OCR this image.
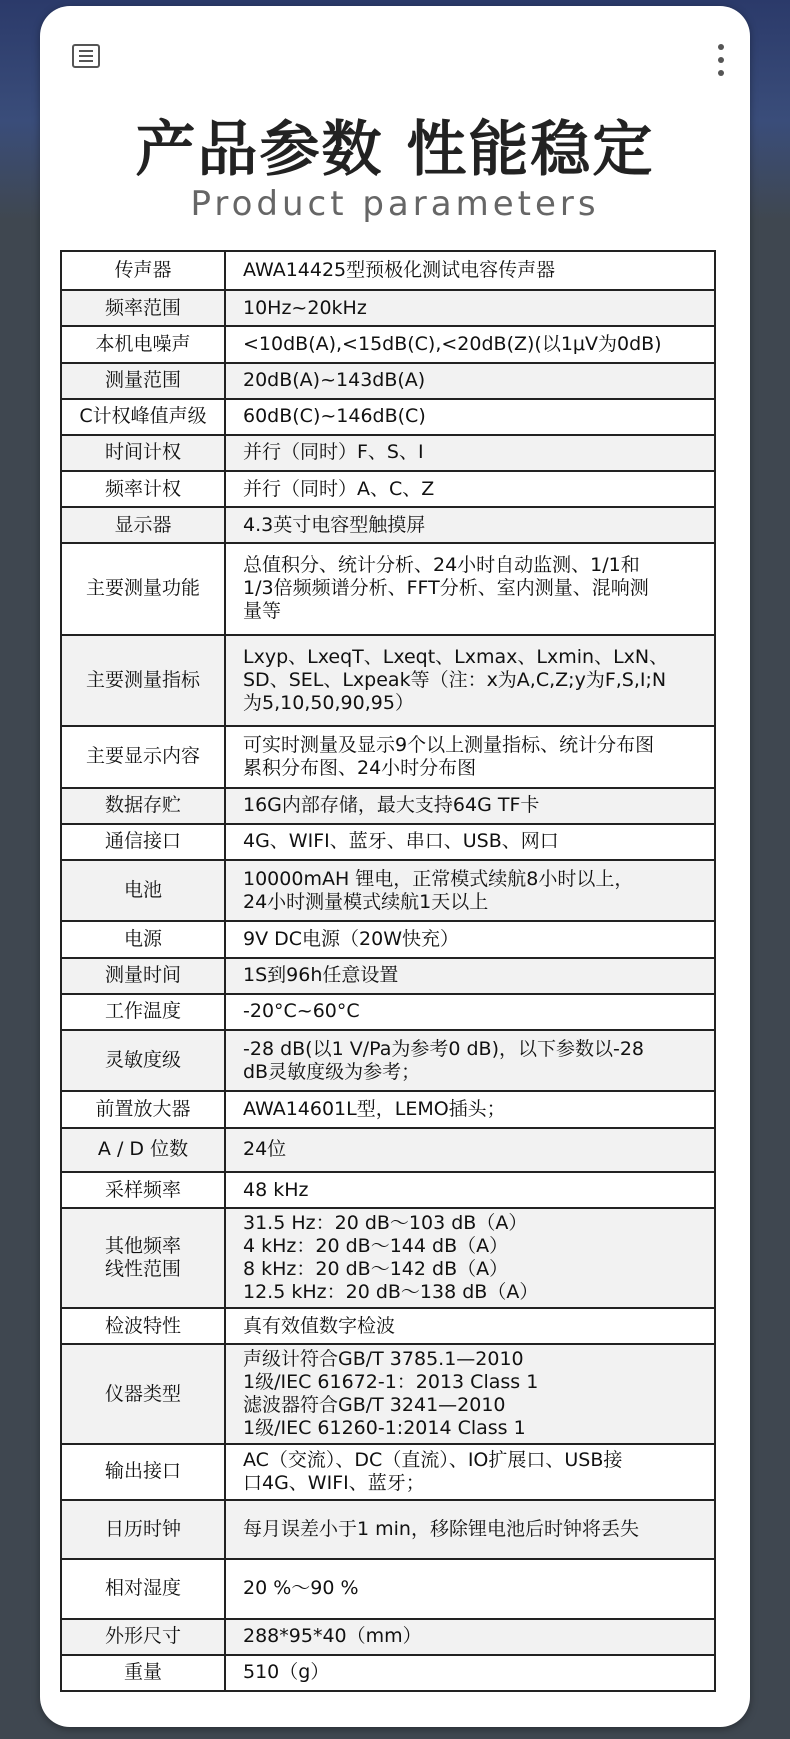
产品参数 性能稳定
Product parameters
传声器	AWA14425型预极化测试电容传声器

频率范围	10Hz~20kHz

本机电噪声	<10dB(A),<15dB(C),<20dB(Z)(以1μV为0dB)

测量范围	20dB(A)~143dB(A)

C计权峰值声级	60dB(C)~146dB(C)

时间计权	并行（同时）F、S、I

频率计权	并行（同时）A、C、Z

显示器	4.3英寸电容型触摸屏

主要测量功能	总值积分、统计分析、24小时自动监测、1/1和
1/3倍频频谱分析、FFT分析、室内测量、混响测
量等

主要测量指标	Lxyp、LxeqT、Lxeqt、Lxmax、Lxmin、LxN、
SD、SEL、Lxpeak等（注：x为A,C,Z;y为F,S,I;N
为5,10,50,90,95）

主要显示内容	可实时测量及显示9个以上测量指标、统计分布图
累积分布图、24小时分布图

数据存贮	16G内部存储，最大支持64G TF卡

通信接口	4G、WIFI、蓝牙、串口、USB、网口

电池	10000mAH 锂电，正常模式续航8小时以上，
24小时测量模式续航1天以上

电源	9V DC电源（20W快充）

测量时间	1S到96h任意设置

工作温度	-20°C~60°C

灵敏度级	-28 dB(以1 V/Pa为参考0 dB)，以下参数以-28
dB灵敏度级为参考；

前置放大器	AWA14601L型，LEMO插头；

A / D 位数	24位

采样频率	48 kHz

其他频率
线性范围	31.5 Hz：20 dB～103 dB（A）
4 kHz：20 dB～144 dB（A）
8 kHz：20 dB～142 dB（A）
12.5 kHz：20 dB～138 dB（A）

检波特性	真有效值数字检波

仪器类型	声级计符合GB/T 3785.1—2010
1级/IEC 61672-1：2013 Class 1
滤波器符合GB/T 3241—2010
1级/IEC 61260-1:2014 Class 1

输出接口	AC（交流）、DC（直流）、IO扩展口、USB接
口4G、WIFI、蓝牙；

日历时钟	每月误差小于1 min，移除锂电池后时钟将丢失

相对湿度	20 %～90 %

外形尺寸	288*95*40（mm）

重量	510（g）
